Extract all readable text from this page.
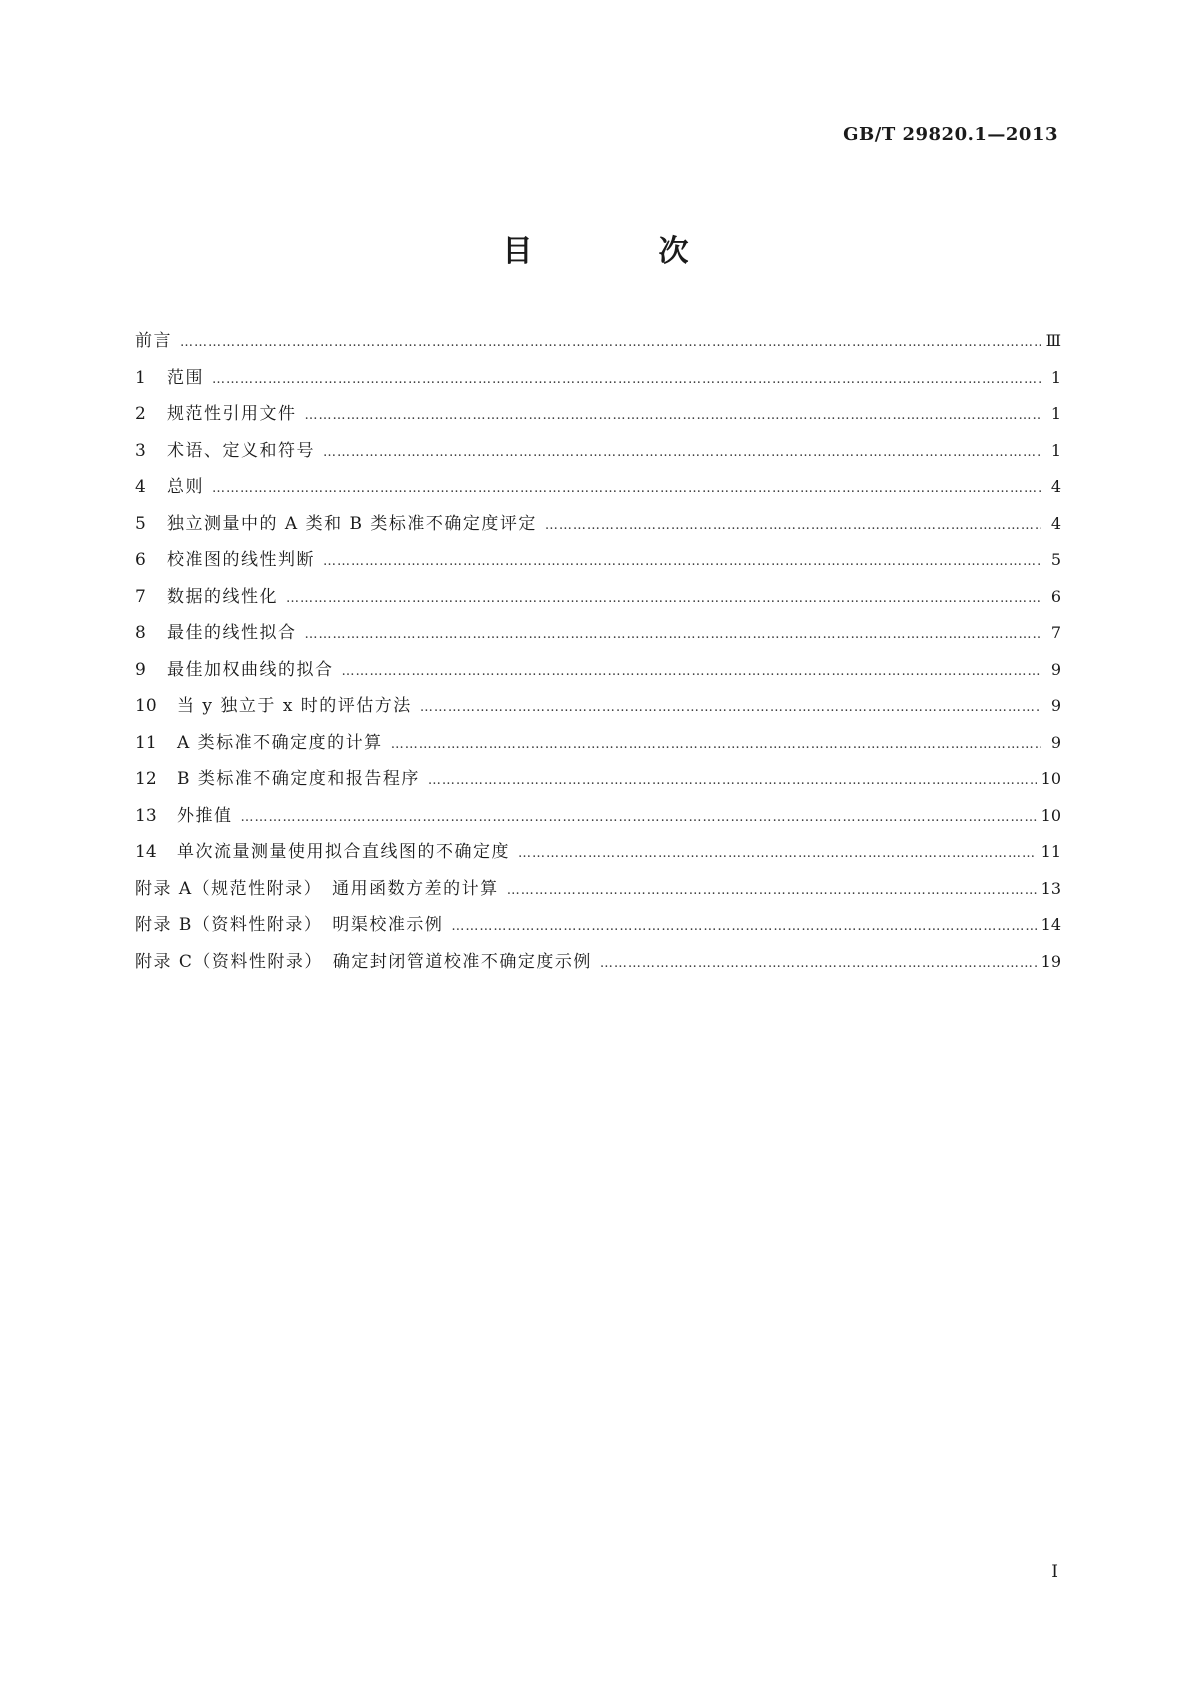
GB/T 29820.1—2013
目　次
前言 ………………………………………………………………………………………………………………………………………………………………………………………………	Ⅲ
1	范围 ………………………………………………………………………………………………………………………………………………………………………………………………	1
2	规范性引用文件 ………………………………………………………………………………………………………………………………………………………………………………………………	1
3	术语、定义和符号 ………………………………………………………………………………………………………………………………………………………………………………………………	1
4	总则 ………………………………………………………………………………………………………………………………………………………………………………………………	4
5	独立测量中的 A 类和 B 类标准不确定度评定 ………………………………………………………………………………………………………………………………………………………………………………………………	4
6	校准图的线性判断 ………………………………………………………………………………………………………………………………………………………………………………………………	5
7	数据的线性化 ………………………………………………………………………………………………………………………………………………………………………………………………	6
8	最佳的线性拟合 ………………………………………………………………………………………………………………………………………………………………………………………………	7
9	最佳加权曲线的拟合 ………………………………………………………………………………………………………………………………………………………………………………………………	9
10	当 y 独立于 x 时的评估方法 ………………………………………………………………………………………………………………………………………………………………………………………………	9
11	A 类标准不确定度的计算 ………………………………………………………………………………………………………………………………………………………………………………………………	9
12	B 类标准不确定度和报告程序 ………………………………………………………………………………………………………………………………………………………………………………………………	10
13	外推值 ………………………………………………………………………………………………………………………………………………………………………………………………	10
14	单次流量测量使用拟合直线图的不确定度 ………………………………………………………………………………………………………………………………………………………………………………………………	11
附录 A（规范性附录）　通用函数方差的计算 ………………………………………………………………………………………………………………………………………………………………………………………………	13
附录 B（资料性附录）　明渠校准示例 ………………………………………………………………………………………………………………………………………………………………………………………………	14
附录 C（资料性附录）　确定封闭管道校准不确定度示例 ………………………………………………………………………………………………………………………………………………………………………………………………	19
I
